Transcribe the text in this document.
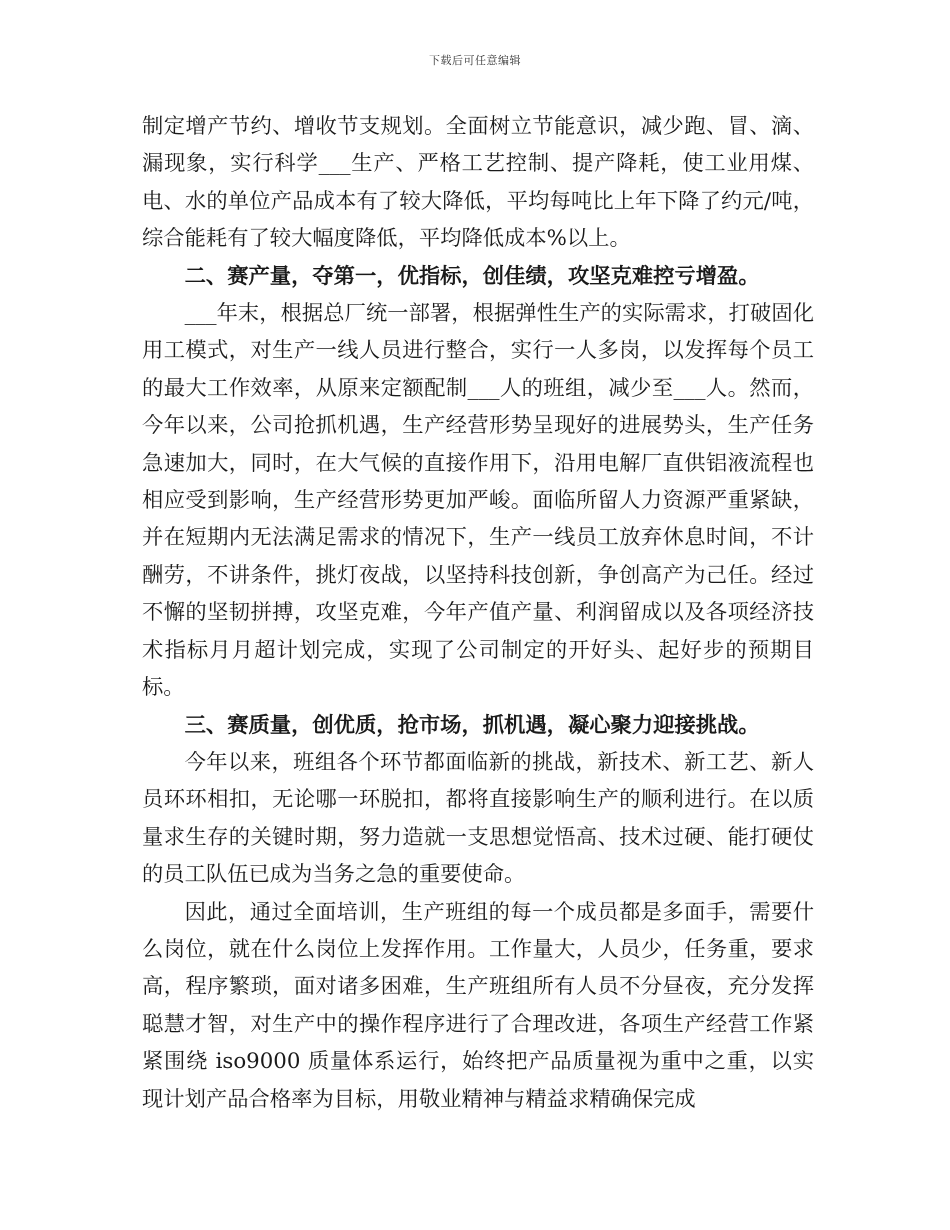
下载后可任意编辑

制定增产节约、增收节支规划。全面树立节能意识，减少跑、冒、滴、漏现象，实行科学___生产、严格工艺控制、提产降耗，使工业用煤、电、水的单位产品成本有了较大降低，平均每吨比上年下降了约元/吨，综合能耗有了较大幅度降低，平均降低成本%以上。

二、赛产量，夺第一，优指标，创佳绩，攻坚克难控亏增盈。

___年末，根据总厂统一部署，根据弹性生产的实际需求，打破固化用工模式，对生产一线人员进行整合，实行一人多岗，以发挥每个员工的最大工作效率，从原来定额配制___人的班组，减少至___人。然而，今年以来，公司抢抓机遇，生产经营形势呈现好的进展势头，生产任务急速加大，同时，在大气候的直接作用下，沿用电解厂直供铝液流程也相应受到影响，生产经营形势更加严峻。面临所留人力资源严重紧缺，并在短期内无法满足需求的情况下，生产一线员工放弃休息时间，不计酬劳，不讲条件，挑灯夜战，以坚持科技创新，争创高产为己任。经过不懈的坚韧拼搏，攻坚克难，今年产值产量、利润留成以及各项经济技术指标月月超计划完成，实现了公司制定的开好头、起好步的预期目标。

三、赛质量，创优质，抢市场，抓机遇，凝心聚力迎接挑战。

今年以来，班组各个环节都面临新的挑战，新技术、新工艺、新人员环环相扣，无论哪一环脱扣，都将直接影响生产的顺利进行。在以质量求生存的关键时期，努力造就一支思想觉悟高、技术过硬、能打硬仗的员工队伍已成为当务之急的重要使命。

因此，通过全面培训，生产班组的每一个成员都是多面手，需要什么岗位，就在什么岗位上发挥作用。工作量大，人员少，任务重，要求高，程序繁琐，面对诸多困难，生产班组所有人员不分昼夜，充分发挥聪慧才智，对生产中的操作程序进行了合理改进，各项生产经营工作紧紧围绕 iso9000 质量体系运行，始终把产品质量视为重中之重，以实现计划产品合格率为目标，用敬业精神与精益求精确保完成
